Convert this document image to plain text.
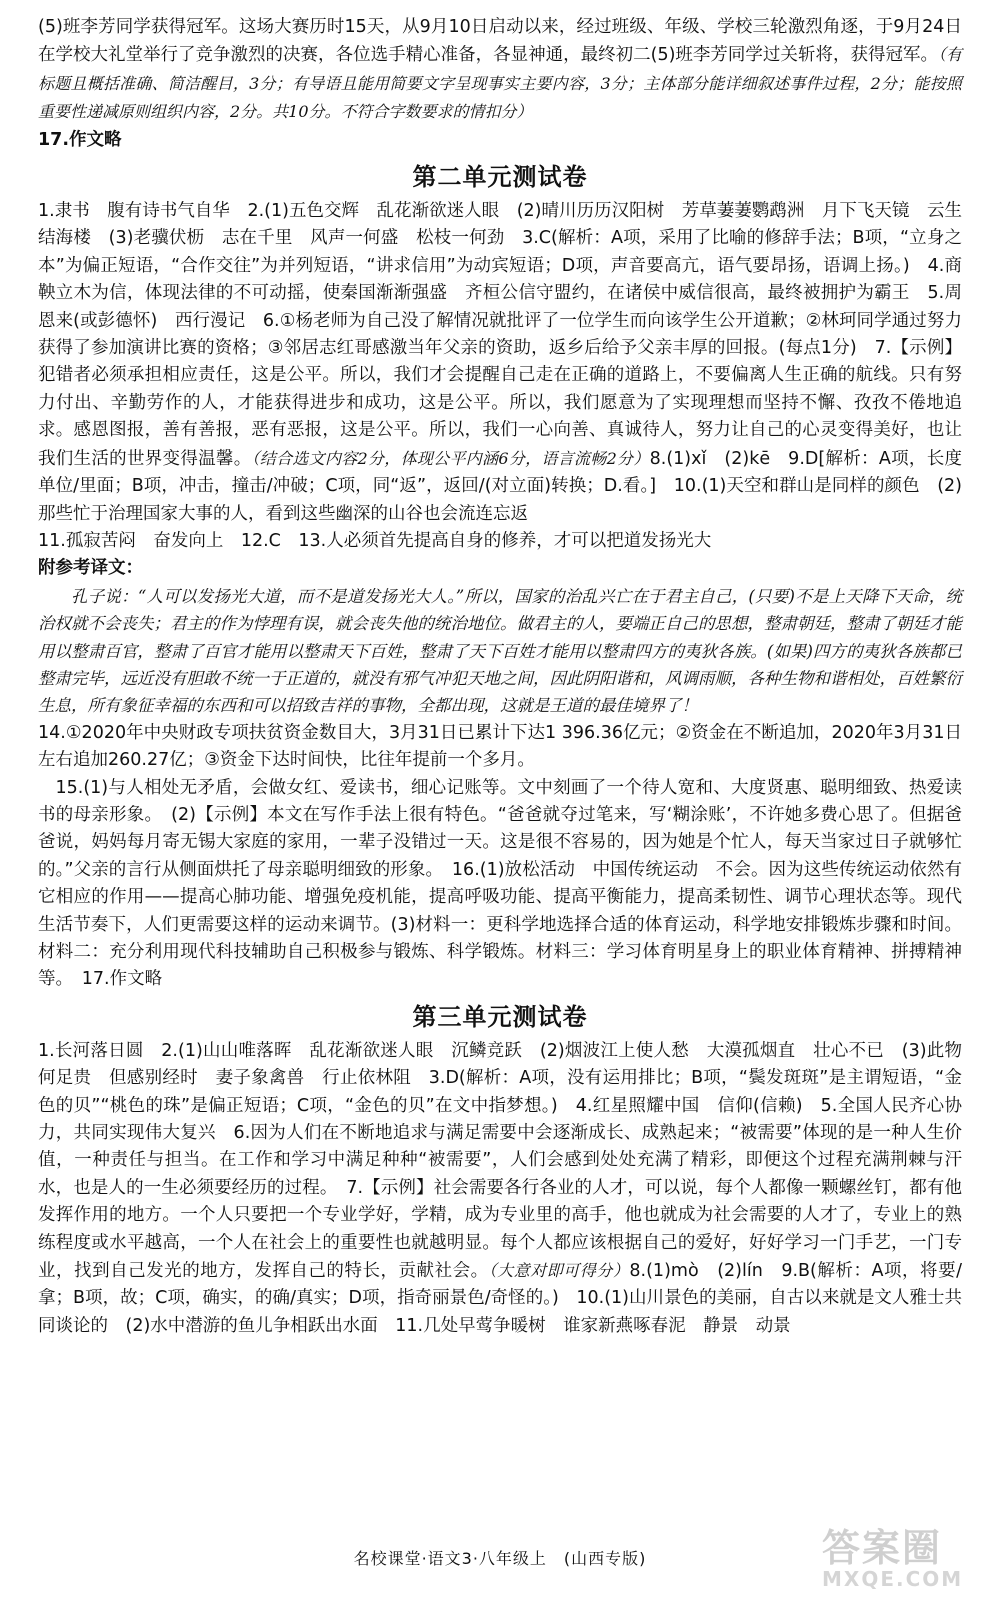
(5)班李芳同学获得冠军。这场大赛历时15天，从9月10日启动以来，经过班级、年级、学校三轮激烈角逐，于9月24日在学校大礼堂举行了竞争激烈的决赛，各位选手精心准备，各显神通，最终初二(5)班李芳同学过关斩将，获得冠军。（有标题且概括准确、简洁醒目，3分；有导语且能用简要文字呈现事实主要内容，3分；主体部分能详细叙述事件过程，2分；能按照重要性递减原则组织内容，2分。共10分。不符合字数要求的情扣分）

17.作文略

第二单元测试卷

1.隶书　腹有诗书气自华　2.(1)五色交辉　乱花渐欲迷人眼　(2)晴川历历汉阳树　芳草萋萋鹦鹉洲　月下飞天镜　云生结海楼　(3)老骥伏枥　志在千里　风声一何盛　松枝一何劲　3.C(解析：A项，采用了比喻的修辞手法；B项，“立身之本”为偏正短语，“合作交往”为并列短语，“讲求信用”为动宾短语；D项，声音要高亢，语气要昂扬，语调上扬。)　4.商鞅立木为信，体现法律的不可动摇，使秦国渐渐强盛　齐桓公信守盟约，在诸侯中威信很高，最终被拥护为霸王　5.周恩来(或彭德怀)　西行漫记　6.①杨老师为自己没了解情况就批评了一位学生而向该学生公开道歉；②林珂同学通过努力获得了参加演讲比赛的资格；③邻居志红哥感激当年父亲的资助，返乡后给予父亲丰厚的回报。(每点1分)　7.【示例】犯错者必须承担相应责任，这是公平。所以，我们才会提醒自己走在正确的道路上，不要偏离人生正确的航线。只有努力付出、辛勤劳作的人，才能获得进步和成功，这是公平。所以，我们愿意为了实现理想而坚持不懈、孜孜不倦地追求。感恩图报，善有善报，恶有恶报，这是公平。所以，我们一心向善、真诚待人，努力让自己的心灵变得美好，也让我们生活的世界变得温馨。（结合选文内容2分，体现公平内涵6分，语言流畅2分）8.(1)xǐ　(2)kē　9.D[解析：A项，长度单位/里面；B项，冲击，撞击/冲破；C项，同“返”，返回/(对立面)转换；D.看。]　10.(1)天空和群山是同样的颜色　(2)那些忙于治理国家大事的人，看到这些幽深的山谷也会流连忘返

11.孤寂苦闷　奋发向上　12.C　13.人必须首先提高自身的修养，才可以把道发扬光大

附参考译文：

孔子说：“人可以发扬光大道，而不是道发扬光大人。”所以，国家的治乱兴亡在于君主自己，(只要)不是上天降下天命，统治权就不会丧失；君主的作为悖理有误，就会丧失他的统治地位。做君主的人，要端正自己的思想，整肃朝廷，整肃了朝廷才能用以整肃百官，整肃了百官才能用以整肃天下百姓，整肃了天下百姓才能用以整肃四方的夷狄各族。(如果)四方的夷狄各族都已整肃完毕，远近没有胆敢不统一于正道的，就没有邪气冲犯天地之间，因此阴阳谐和，风调雨顺，各种生物和谐相处，百姓繁衍生息，所有象征幸福的东西和可以招致吉祥的事物，全都出现，这就是王道的最佳境界了！

14.①2020年中央财政专项扶贫资金数目大，3月31日已累计下达1 396.36亿元；②资金在不断追加，2020年3月31日左右追加260.27亿；③资金下达时间快，比往年提前一个多月。

15.(1)与人相处无矛盾，会做女红、爱读书，细心记账等。文中刻画了一个待人宽和、大度贤惠、聪明细致、热爱读书的母亲形象。　(2)【示例】本文在写作手法上很有特色。“爸爸就夺过笔来，写‘糊涂账’，不许她多费心思了。但据爸爸说，妈妈每月寄无锡大家庭的家用，一辈子没错过一天。这是很不容易的，因为她是个忙人，每天当家过日子就够忙的。”父亲的言行从侧面烘托了母亲聪明细致的形象。　16.(1)放松活动　中国传统运动　不会。因为这些传统运动依然有它相应的作用——提高心肺功能、增强免疫机能，提高呼吸功能、提高平衡能力，提高柔韧性、调节心理状态等。现代生活节奏下，人们更需要这样的运动来调节。(3)材料一：更科学地选择合适的体育运动，科学地安排锻炼步骤和时间。材料二：充分利用现代科技辅助自己积极参与锻炼、科学锻炼。材料三：学习体育明星身上的职业体育精神、拼搏精神等。　17.作文略

第三单元测试卷

1.长河落日圆　2.(1)山山唯落晖　乱花渐欲迷人眼　沉鳞竞跃　(2)烟波江上使人愁　大漠孤烟直　壮心不已　(3)此物何足贵　但感别经时　妻子象禽兽　行止依林阻　3.D(解析：A项，没有运用排比；B项，“鬓发斑斑”是主谓短语，“金色的贝”“桃色的珠”是偏正短语；C项，“金色的贝”在文中指梦想。)　4.红星照耀中国　信仰(信赖)　5.全国人民齐心协力，共同实现伟大复兴　6.因为人们在不断地追求与满足需要中会逐渐成长、成熟起来；“被需要”体现的是一种人生价值，一种责任与担当。在工作和学习中满足种种“被需要”，人们会感到处处充满了精彩，即便这个过程充满荆棘与汗水，也是人的一生必须要经历的过程。　7.【示例】社会需要各行各业的人才，可以说，每个人都像一颗螺丝钉，都有他发挥作用的地方。一个人只要把一个专业学好，学精，成为专业里的高手，他也就成为社会需要的人才了，专业上的熟练程度或水平越高，一个人在社会上的重要性也就越明显。每个人都应该根据自己的爱好，好好学习一门手艺，一门专业，找到自己发光的地方，发挥自己的特长，贡献社会。（大意对即可得分）8.(1)mò　(2)lín　9.B(解析：A项，将要/拿；B项，故；C项，确实，的确/真实；D项，指奇丽景色/奇怪的。)　10.(1)山川景色的美丽，自古以来就是文人雅士共同谈论的　(2)水中潜游的鱼儿争相跃出水面　11.几处早莺争暖树　谁家新燕啄春泥　静景　动景

名校课堂·语文3·八年级上　(山西专版)	答案圈
MXQE.COM
